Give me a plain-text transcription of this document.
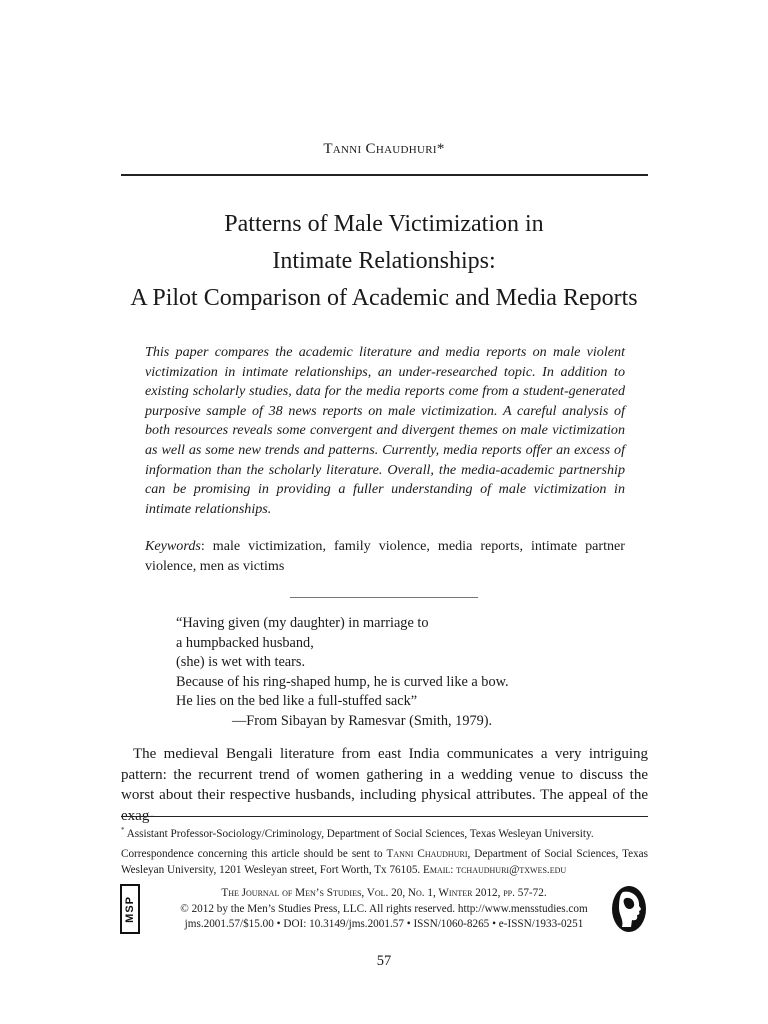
Tanni Chaudhuri*
Patterns of Male Victimization in
Intimate Relationships:
A Pilot Comparison of Academic and Media Reports
This paper compares the academic literature and media reports on male violent victimization in intimate relationships, an under-researched topic. In addition to existing scholarly studies, data for the media reports come from a student-generated purposive sample of 38 news reports on male victimization. A careful analysis of both resources reveals some convergent and divergent themes on male victimization as well as some new trends and patterns. Currently, media reports offer an excess of information than the scholarly literature. Overall, the media-academic partnership can be promising in providing a fuller understanding of male victimization in intimate relationships.
Keywords: male victimization, family violence, media reports, intimate partner violence, men as victims
“Having given (my daughter) in marriage to
a humpbacked husband,
(she) is wet with tears.
Because of his ring-shaped hump, he is curved like a bow.
He lies on the bed like a full-stuffed sack”
—From Sibayan by Ramesvar (Smith, 1979).

The medieval Bengali literature from east India communicates a very intriguing pattern: the recurrent trend of women gathering in a wedding venue to discuss the worst about their respective husbands, including physical attributes. The appeal of the exag-

* Assistant Professor-Sociology/Criminology, Department of Social Sciences, Texas Wesleyan University.
Correspondence concerning this article should be sent to Tanni Chaudhuri, Department of Social Sciences, Texas Wesleyan University, 1201 Wesleyan street, Fort Worth, Tx 76105. Email: tchaudhuri@txwes.edu
MSP
The Journal of Men’s Studies, Vol. 20, No. 1, Winter 2012, pp. 57-72.
© 2012 by the Men’s Studies Press, LLC. All rights reserved. http://www.mensstudies.com
jms.2001.57/$15.00 • DOI: 10.3149/jms.2001.57 • ISSN/1060-8265 • e-ISSN/1933-0251
57
